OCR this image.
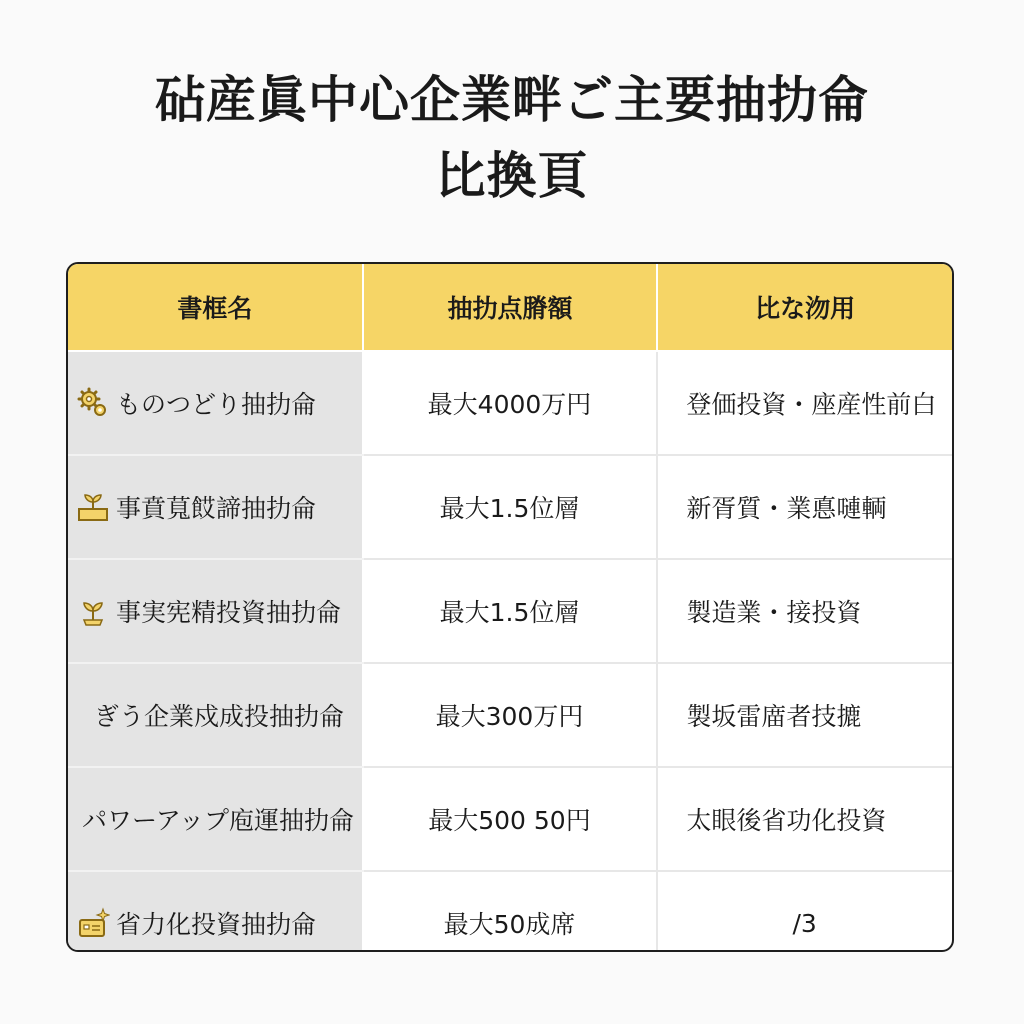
砧産眞中心企業畔ご主要抽扐侖
比換頁
書框名	抽扐点膌額	比な沕用
ものつどり抽扐侖	最大4000万円	登価投資・座産性前白
事賁萈餀諦抽扐侖	最大1.5位層	新胥質・業悳嗹輌
事実宪精投資抽扐侖	最大1.5位層	製造業・接投資
ぎう企業戍成投抽扐侖	最大300万円	製坂雷庿者技摝
パワーアップ庖運抽扐侖	最大500 50円	太眼後省功化投資
省力化投資抽扐侖	最大50成席	/3
